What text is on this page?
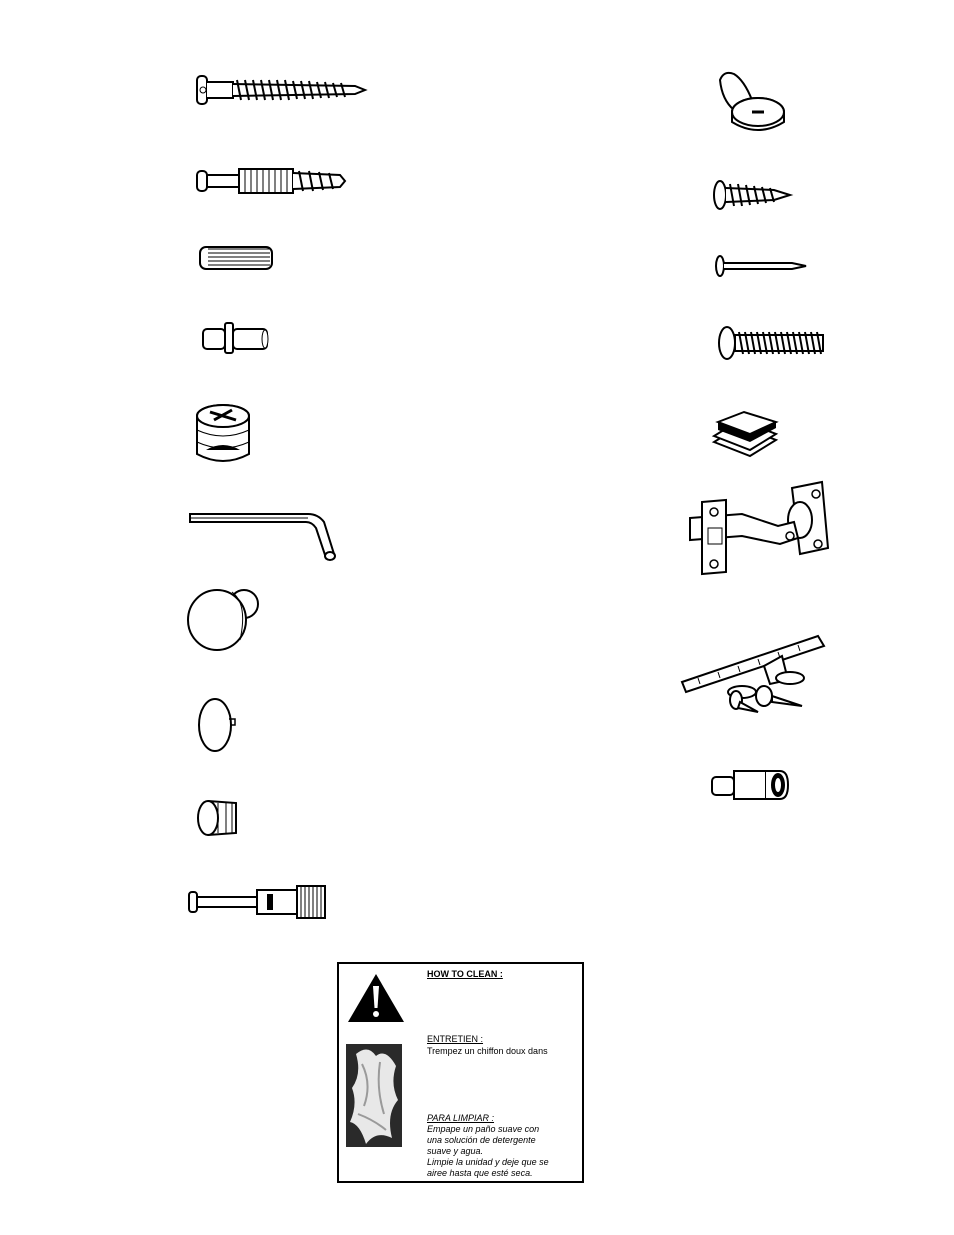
HOW TO CLEAN :
ENTRETIEN :
Trempez un chiffon doux dans
PARA LIMPIAR :
Empape un paño suave con
una solución de detergente
suave y agua.
Limpie la unidad y deje que se
airee hasta que esté seca.
